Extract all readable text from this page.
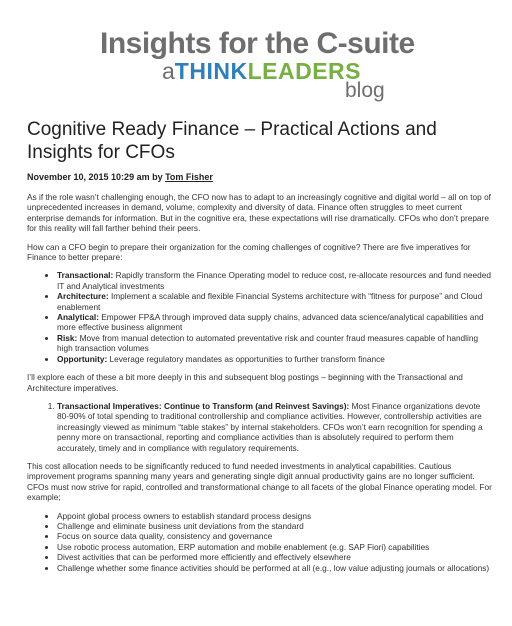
Insights for the C-suite
aTHINKLEADERS
blog
Cognitive Ready Finance – Practical Actions and Insights for CFOs
November 10, 2015 10:29 am by Tom Fisher

As if the role wasn’t challenging enough, the CFO now has to adapt to an increasingly cognitive and digital world – all on top of unprecedented increases in demand, volume, complexity and diversity of data. Finance often struggles to meet current enterprise demands for information. But in the cognitive era, these expectations will rise dramatically. CFOs who don’t prepare for this reality will fall farther behind their peers.

How can a CFO begin to prepare their organization for the coming challenges of cognitive? There are five imperatives for Finance to better prepare:

• Transactional: Rapidly transform the Finance Operating model to reduce cost, re-allocate resources and fund needed IT and Analytical investments
• Architecture: Implement a scalable and flexible Financial Systems architecture with “fitness for purpose” and Cloud enablement
• Analytical: Empower FP&A through improved data supply chains, advanced data science/analytical capabilities and more effective business alignment
• Risk: Move from manual detection to automated preventative risk and counter fraud measures capable of handling high transaction volumes
• Opportunity: Leverage regulatory mandates as opportunities to further transform finance

I’ll explore each of these a bit more deeply in this and subsequent blog postings – beginning with the Transactional and Architecture imperatives.

1. Transactional Imperatives: Continue to Transform (and Reinvest Savings): Most Finance organizations devote 80-90% of total spending to traditional controllership and compliance activities. However, controllership activities are increasingly viewed as minimum “table stakes” by internal stakeholders. CFOs won’t earn recognition for spending a penny more on transactional, reporting and compliance activities than is absolutely required to perform them accurately, timely and in compliance with regulatory requirements.

This cost allocation needs to be significantly reduced to fund needed investments in analytical capabilities. Cautious improvement programs spanning many years and generating single digit annual productivity gains are no longer sufficient. CFOs must now strive for rapid, controlled and transformational change to all facets of the global Finance operating model. For example;

• Appoint global process owners to establish standard process designs
• Challenge and eliminate business unit deviations from the standard
• Focus on source data quality, consistency and governance
• Use robotic process automation, ERP automation and mobile enablement (e.g. SAP Fiori) capabilities
• Divest activities that can be performed more efficiently and effectively elsewhere
• Challenge whether some finance activities should be performed at all (e.g., low value adjusting journals or allocations)
